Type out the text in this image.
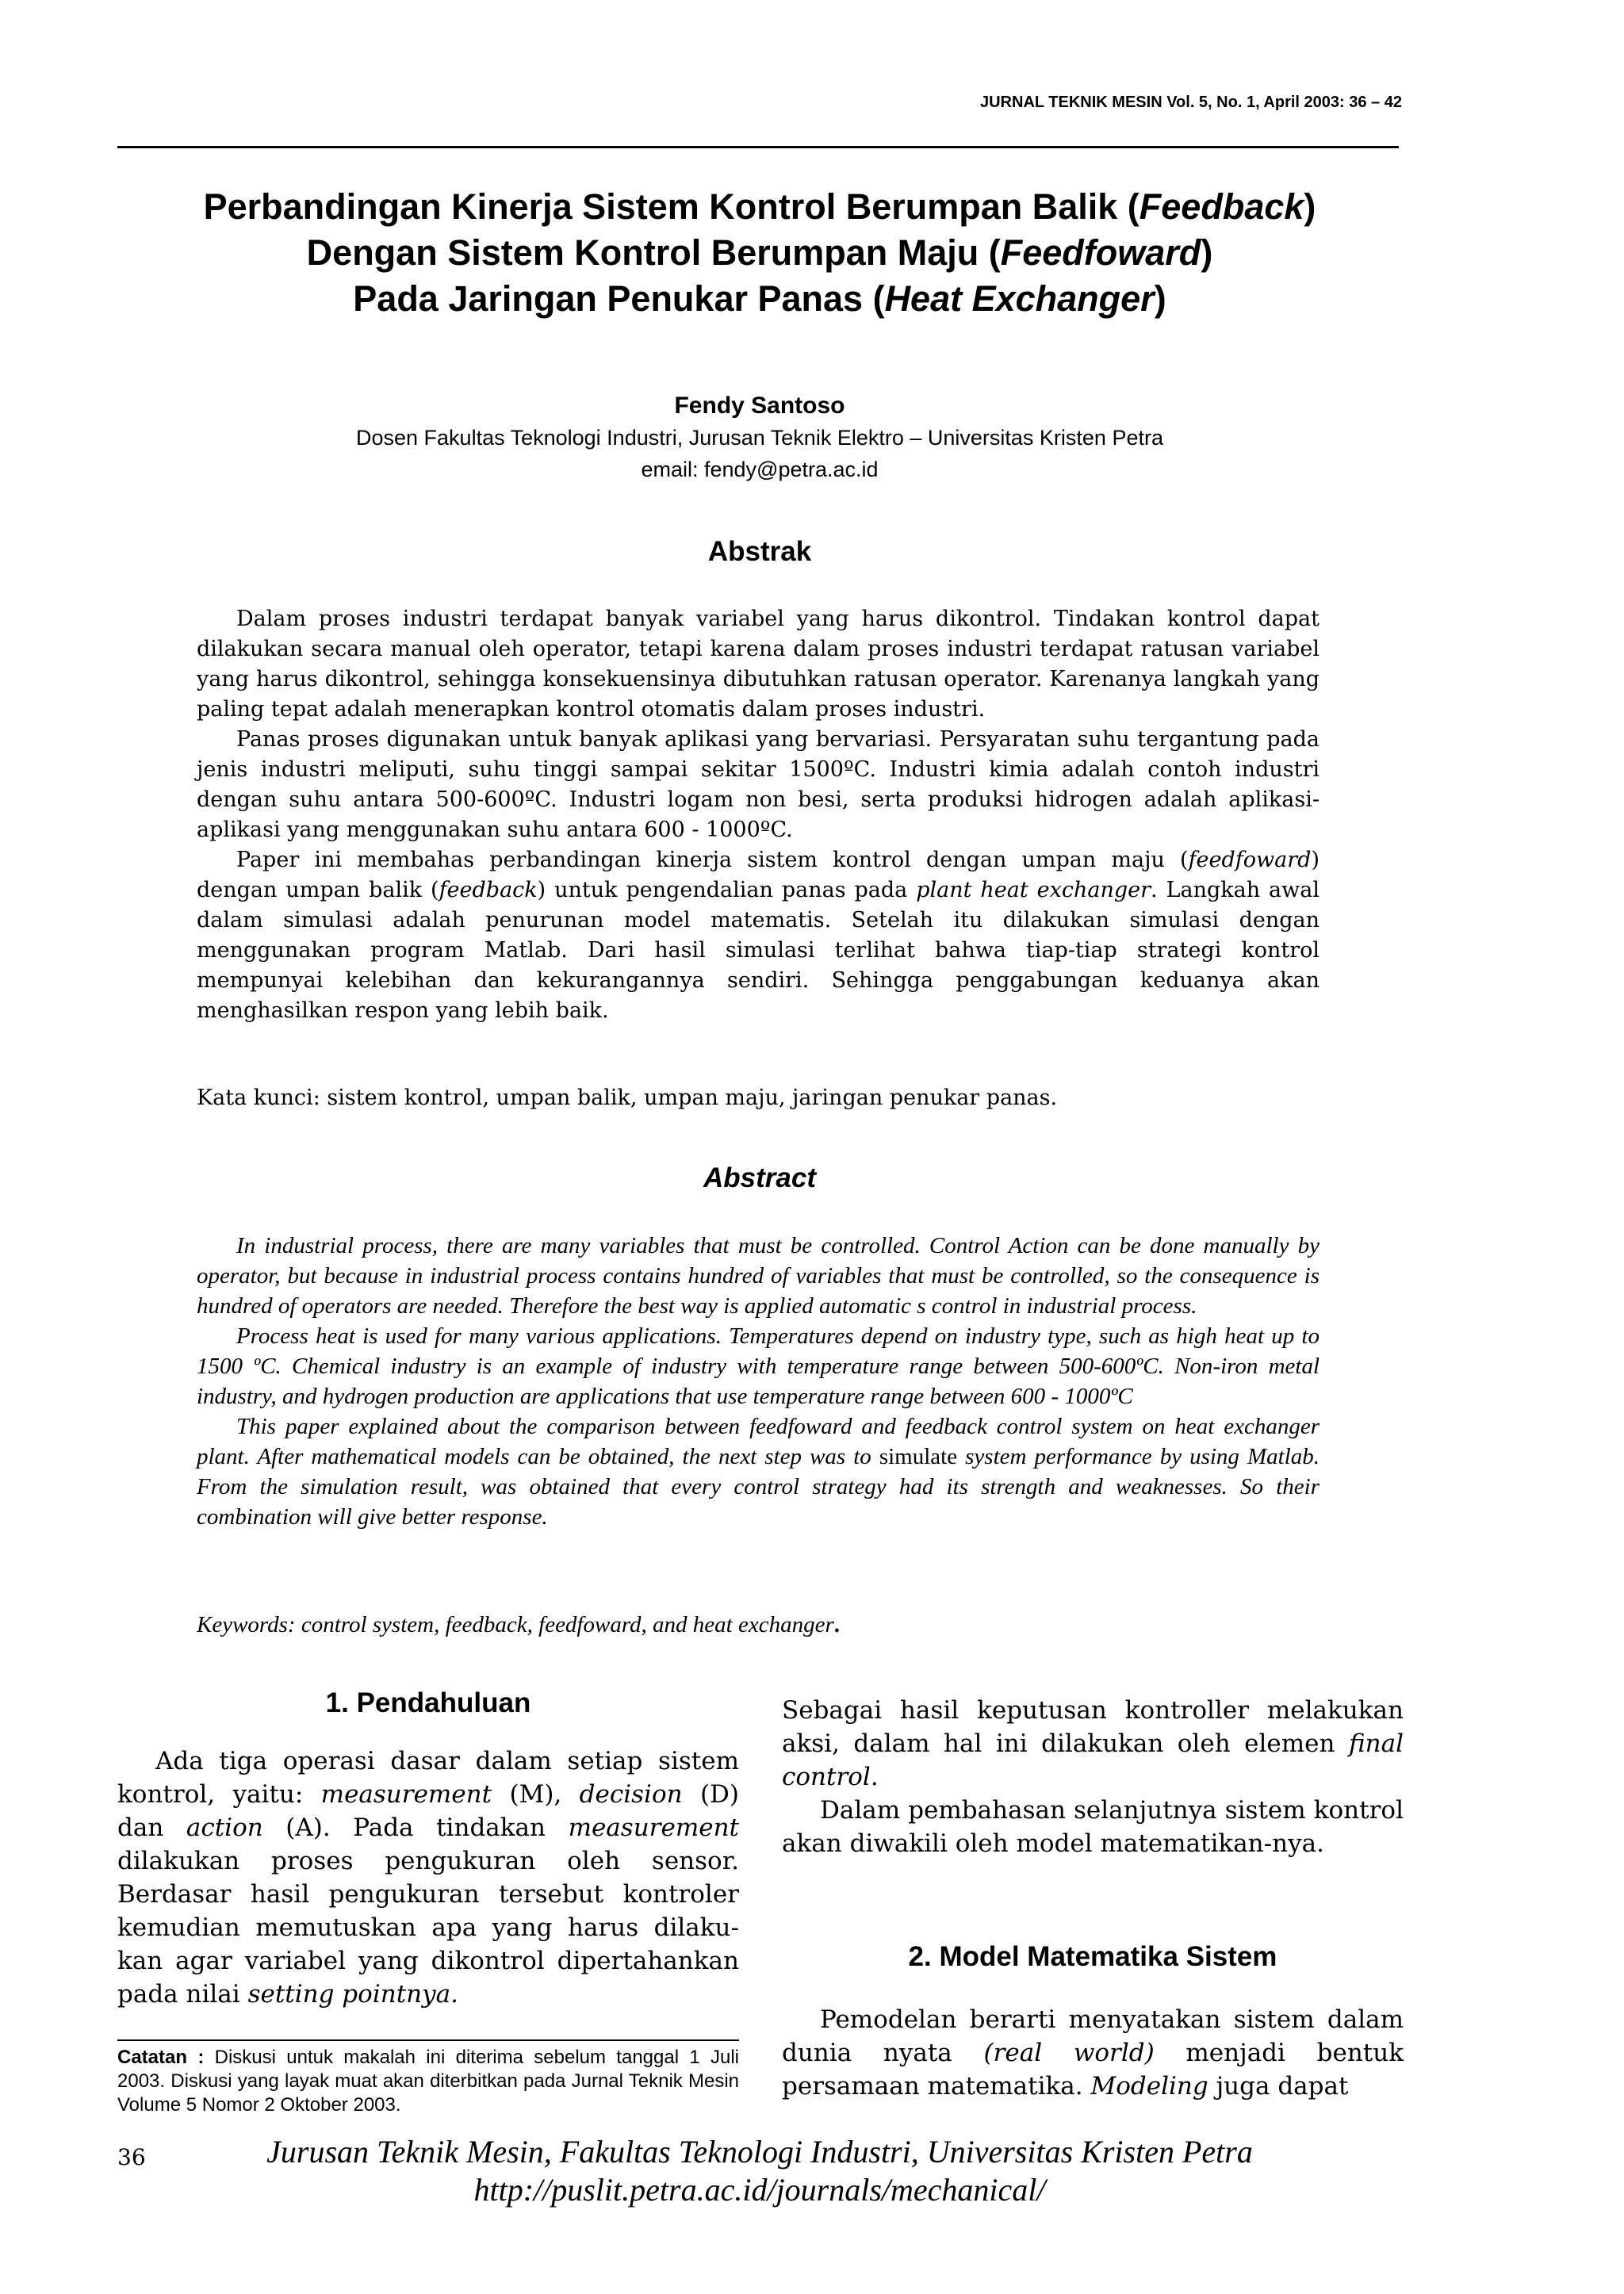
JURNAL TEKNIK MESIN Vol. 5, No. 1, April 2003: 36 – 42
Perbandingan Kinerja Sistem Kontrol Berumpan Balik (Feedback)
Dengan Sistem Kontrol Berumpan Maju (Feedfoward)
Pada Jaringan Penukar Panas (Heat Exchanger)
Fendy Santoso
Dosen Fakultas Teknologi Industri, Jurusan Teknik Elektro – Universitas Kristen Petra
email: fendy@petra.ac.id
Abstrak

Dalam proses industri terdapat banyak variabel yang harus dikontrol. Tindakan kontrol dapat dilakukan secara manual oleh operator, tetapi karena dalam proses industri terdapat ratusan variabel yang harus dikontrol, sehingga konsekuensinya dibutuhkan ratusan operator. Karenanya langkah yang paling tepat adalah menerapkan kontrol otomatis dalam proses industri.

Panas proses digunakan untuk banyak aplikasi yang bervariasi. Persyaratan suhu tergantung pada jenis industri meliputi, suhu tinggi sampai sekitar 1500ºC. Industri kimia adalah contoh industri dengan suhu antara 500-600ºC. Industri logam non besi, serta produksi hidrogen adalah aplikasi-aplikasi yang menggunakan suhu antara 600 - 1000ºC.

Paper ini membahas perbandingan kinerja sistem kontrol dengan umpan maju (feedfoward) dengan umpan balik (feedback) untuk pengendalian panas pada plant heat exchanger. Langkah awal dalam simulasi adalah penurunan model matematis. Setelah itu dilakukan simulasi dengan menggunakan program Matlab. Dari hasil simulasi terlihat bahwa tiap-tiap strategi kontrol mempunyai kelebihan dan kekurangannya sendiri. Sehingga penggabungan keduanya akan menghasilkan respon yang lebih baik.

Kata kunci: sistem kontrol, umpan balik, umpan maju, jaringan penukar panas.
Abstract

In industrial process, there are many variables that must be controlled. Control Action can be done manually by operator, but because in industrial process contains hundred of variables that must be controlled, so the consequence is hundred of operators are needed. Therefore the best way is applied automatic s control in industrial process.

Process heat is used for many various applications. Temperatures depend on industry type, such as high heat up to 1500 ºC. Chemical industry is an example of industry with temperature range between 500-600ºC. Non-iron metal industry, and hydrogen production are applications that use temperature range between 600 - 1000ºC

This paper explained about the comparison between feedfoward and feedback control system on heat exchanger plant. After mathematical models can be obtained, the next step was to simulate system performance by using Matlab. From the simulation result, was obtained that every control strategy had its strength and weaknesses. So their combination will give better response.

Keywords: control system, feedback, feedfoward, and heat exchanger.
1. Pendahuluan

Ada tiga operasi dasar dalam setiap sistem kontrol, yaitu: measurement (M), decision (D) dan action (A). Pada tindakan measurement dilakukan proses pengukuran oleh sensor. Berdasar hasil pengukuran tersebut kontroler kemudian memutuskan apa yang harus dilaku-kan agar variabel yang dikontrol dipertahankan pada nilai setting pointnya.

Catatan : Diskusi untuk makalah ini diterima sebelum tanggal 1 Juli 2003. Diskusi yang layak muat akan diterbitkan pada Jurnal Teknik Mesin Volume 5 Nomor 2 Oktober 2003.

Sebagai hasil keputusan kontroller melakukan aksi, dalam hal ini dilakukan oleh elemen final control.

Dalam pembahasan selanjutnya sistem kontrol akan diwakili oleh model matematikan-nya.

2. Model Matematika Sistem

Pemodelan berarti menyatakan sistem dalam dunia nyata (real world) menjadi bentuk persamaan matematika. Modeling juga dapat

36	Jurusan Teknik Mesin, Fakultas Teknologi Industri, Universitas Kristen Petra
http://puslit.petra.ac.id/journals/mechanical/
